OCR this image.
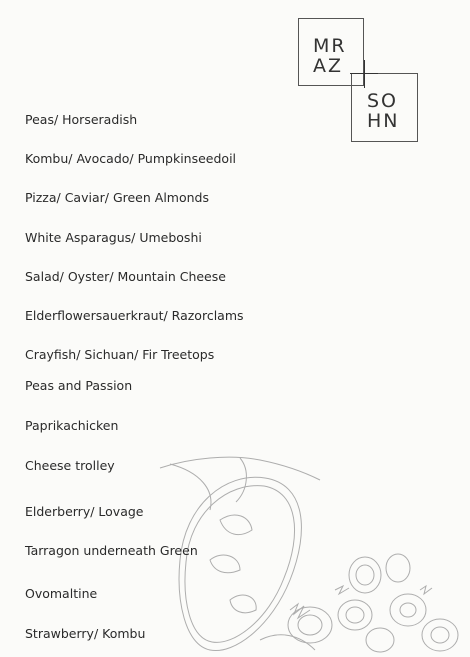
MR
AZ
SO
HN
Peas/ Horseradish
Kombu/ Avocado/ Pumpkinseedoil
Pizza/ Caviar/ Green Almonds
White Asparagus/ Umeboshi
Salad/ Oyster/ Mountain Cheese
Elderflowersauerkraut/ Razorclams
Crayfish/ Sichuan/ Fir Treetops
Peas and Passion
Paprikachicken
Cheese trolley
Elderberry/ Lovage
Tarragon underneath Green
Ovomaltine
Strawberry/ Kombu
